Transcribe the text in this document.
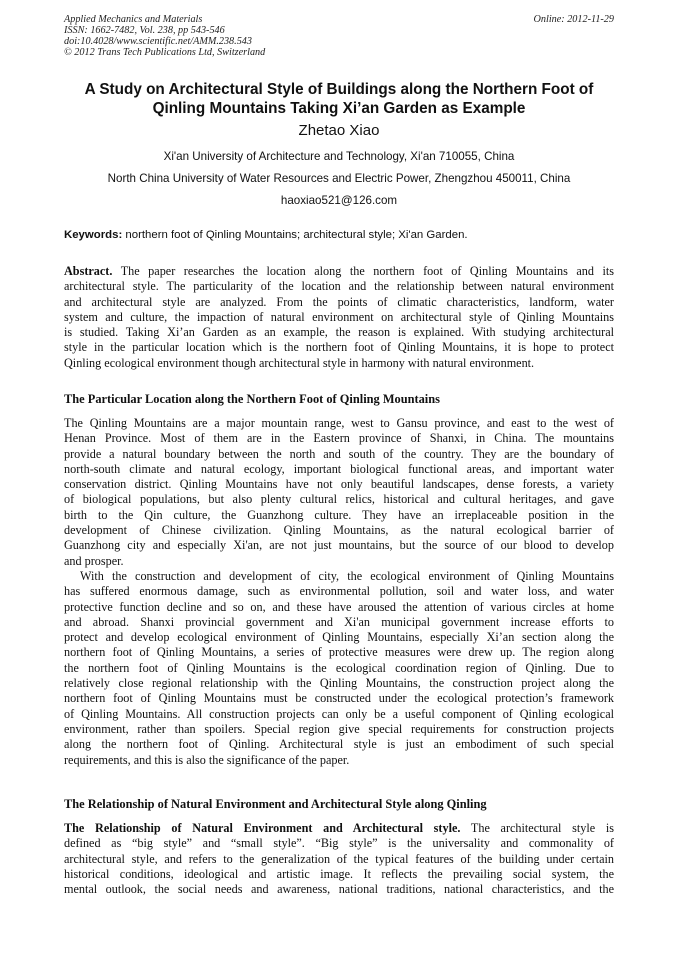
Applied Mechanics and Materials
ISSN: 1662-7482, Vol. 238, pp 543-546
doi:10.4028/www.scientific.net/AMM.238.543
© 2012 Trans Tech Publications Ltd, Switzerland
Online: 2012-11-29
A Study on Architectural Style of Buildings along the Northern Foot of
Qinling Mountains Taking Xi’an Garden as Example
Zhetao Xiao
Xi'an University of Architecture and Technology, Xi'an 710055, China
North China University of Water Resources and Electric Power, Zhengzhou 450011, China
haoxiao521@126.com
Keywords: northern foot of Qinling Mountains; architectural style; Xi'an Garden.
Abstract. The paper researches the location along the northern foot of Qinling Mountains and its
architectural style. The particularity of the location and the relationship between natural environment
and architectural style are analyzed. From the points of climatic characteristics, landform, water
system and culture, the impaction of natural environment on architectural style of Qinling Mountains
is studied. Taking Xi’an Garden as an example, the reason is explained. With studying architectural
style in the particular location which is the northern foot of Qinling Mountains, it is hope to protect
Qinling ecological environment though architectural style in harmony with natural environment.
The Particular Location along the Northern Foot of Qinling Mountains
The Qinling Mountains are a major mountain range, west to Gansu province, and east to the west of
Henan Province. Most of them are in the Eastern province of Shanxi, in China. The mountains
provide a natural boundary between the north and south of the country. They are the boundary of
north-south climate and natural ecology, important biological functional areas, and important water
conservation district. Qinling Mountains have not only beautiful landscapes, dense forests, a variety
of biological populations, but also plenty cultural relics, historical and cultural heritages, and gave
birth to the Qin culture, the Guanzhong culture. They have an irreplaceable position in the
development of Chinese civilization. Qinling Mountains, as the natural ecological barrier of
Guanzhong city and especially Xi'an, are not just mountains, but the source of our blood to develop
and prosper.
With the construction and development of city, the ecological environment of Qinling Mountains
has suffered enormous damage, such as environmental pollution, soil and water loss, and water
protective function decline and so on, and these have aroused the attention of various circles at home
and abroad. Shanxi provincial government and Xi'an municipal government increase efforts to
protect and develop ecological environment of Qinling Mountains, especially Xi’an section along the
northern foot of Qinling Mountains, a series of protective measures were drew up. The region along
the northern foot of Qinling Mountains is the ecological coordination region of Qinling. Due to
relatively close regional relationship with the Qinling Mountains, the construction project along the
northern foot of Qinling Mountains must be constructed under the ecological protection’s framework
of Qinling Mountains. All construction projects can only be a useful component of Qinling ecological
environment, rather than spoilers. Special region give special requirements for construction projects
along the northern foot of Qinling. Architectural style is just an embodiment of such special
requirements, and this is also the significance of the paper.
The Relationship of Natural Environment and Architectural Style along Qinling
The Relationship of Natural Environment and Architectural style. The architectural style is
defined as “big style” and “small style”. “Big style” is the universality and commonality of
architectural style, and refers to the generalization of the typical features of the building under certain
historical conditions, ideological and artistic image. It reflects the prevailing social system, the
mental outlook, the social needs and awareness, national traditions, national characteristics, and the
